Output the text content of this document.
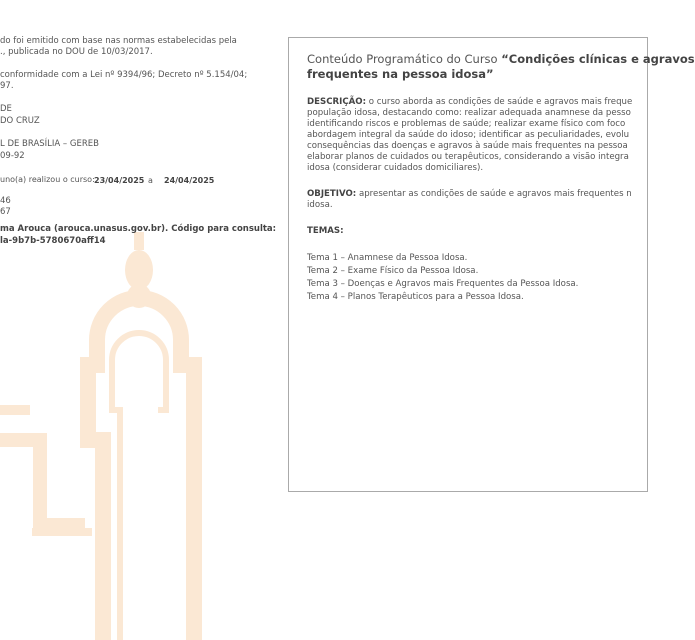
do foi emitido com base nas normas estabelecidas pela
., publicada no DOU de 10/03/2017.
conformidade com a Lei nº 9394/96; Decreto nº 5.154/04;
97.
DE
DO CRUZ
L DE BRASÍLIA – GEREB
09-92
uno(a) realizou o curso: 23/04/2025 a 24/04/2025
46
67
ma Arouca (arouca.unasus.gov.br). Código para consulta:
la-9b7b-5780670aff14
Conteúdo Programático do Curso “Condições clínicas e agravos
frequentes na pessoa idosa”
DESCRIÇÃO: o curso aborda as condições de saúde e agravos mais freque
população idosa, destacando como: realizar adequada anamnese da pesso
identificando riscos e problemas de saúde; realizar exame físico com foco
abordagem integral da saúde do idoso; identificar as peculiaridades, evolu
consequências das doenças e agravos à saúde mais frequentes na pessoa
elaborar planos de cuidados ou terapêuticos, considerando a visão integra
idosa (considerar cuidados domiciliares).
OBJETIVO: apresentar as condições de saúde e agravos mais frequentes n
idosa.
TEMAS:
Tema 1 – Anamnese da Pessoa Idosa.
Tema 2 – Exame Físico da Pessoa Idosa.
Tema 3 – Doenças e Agravos mais Frequentes da Pessoa Idosa.
Tema 4 – Planos Terapêuticos para a Pessoa Idosa.
